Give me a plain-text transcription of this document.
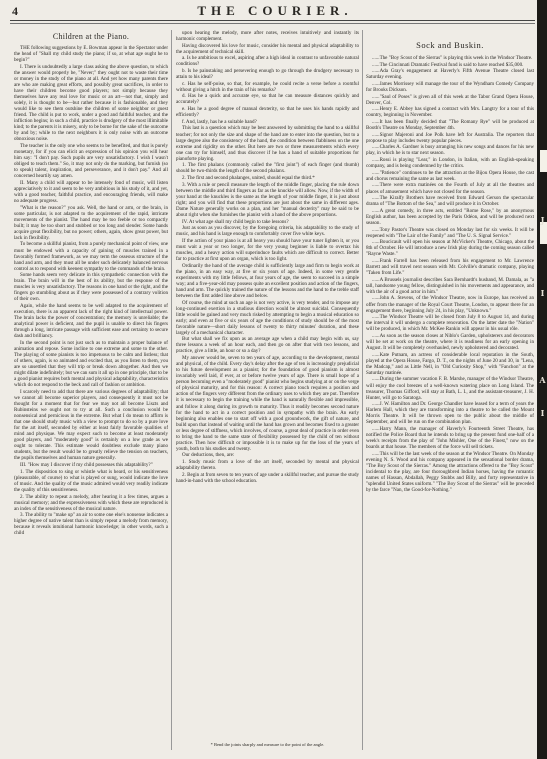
4	THE COURIER.
Children at the Piano.

THE following suggestions by E. Bowman appear in the Spectator under the head of "Shall my child study the piano; if so, at what age ought he to begin?"

I. There is undoubtedly a large class asking the above question, to which the answer would properly be, "Never;" they ought not to waste their time or money in the study of the piano at all. And yet how many parents there are who are making great efforts, and possibly great sacrifices, in order to have their children become good players; not simply because they themselves have any real love for music or an art—not that, simply and solely, it is thought to be—but rather because it is fashionable, and they would like to see them outshine the children of some neighbor or guest friend. The child is put to work, under a good and faithful teacher, and the infliction begins; in such a child, practice is drudgery of the most illimitable kind; to the parents it is misery, only to be borne for the sake of the outcome by and by; while to the next neighbors it is only noise with an outcome obnoxious noise.

The teacher is the only one who seems to be benefited, and that is purely monetary, for if you can elicit an expression of his opinion you will hear him say: "I don't pay. Such pupils are very unsatisfactory. I wish I wasn't obliged to teach them." So, it may not only do the marking, but furnish (so to speak) talent, inspiration, and perseverance, and it don't pay." And all concerned heartily say amen.

II. Many a child will appear to be intensely fond of music, will listen appreciatively to it and seem to be very ambitious in his study of it, and yet, with a good teacher, faithful practice, and encouraging friends, will make no adequate progress.

"What is the reason?" you ask. Well, the hand or arm, or the brain, in some particular, is not adapted to the acquirement of the rapid, intricate movements of the pianist. The hand may be too feeble or too compactly built; it may be too short and stubbed or too long and slender. Some hands acquire great flexibility, but no power; others, again, show great power, but lack in flexibility.

To become a skillful pianist, from a purely mechanical point of view, one must be endowed with a capacity of gaining of muscles trained in a favorably formed framework, as we may term the osseous structure of the hand and arm, and they must all be under such delicately balanced nervous control as to respond with keenest sympathy to the commands of the brain.

Some hands seem very delicate in this sympathetic connection with the brain. The brain will in the best of its ability, but the response of the muscles is very unsatisfactory. The reasons in one hand or the right, and the fingers go stumbling about as if they were possessed of a contrary volition of their own.

Again, while the hand seems to be well adapted to the acquirement of execution, there is an apparent lack of the right kind of intellectual power. The brain lacks the power of concentration; the memory is unreliable; the analytical power is deficient, and the pupil is unable to direct his fingers through a long, intricate passage with sufficient ease and certainty to secure dash and brilliancy.

In the second point is not just such as to maintain a proper balance of animation and repose. Some incline to one extreme and some to the other. The playing of some pianists is too impetuous to be calm and listless; that of others, again, is so animated and excited that, as you listen to them, you are so unsettled that they will trip or break down altogether. And then we might dilate indefinitely; but we can sum it all up in one principle, that to be a good pianist requires both mental and physical adaptability, characteristics which do not respond to the beck and call of fashion or ambition.

I scarcely need to add that there are various degrees of adaptability; that we cannot all become superior players, and consequently it must not be thought for a moment that for fear we may not all become Liszts and Rubinsteins we ought not to try at all. Such a conclusion would be nonsensical and pernicious in the extreme. But what I do mean to affirm is that one should study music with a view to prompt to do so by a pure love for the art itself, seconded by either at least fairly favorable qualities of mind and physique. We may expect such to become at least moderately good players, and "moderately good" is certainly on a low grade as we ought to tolerate. This estimate would doubtless exclude many piano students, but the result would be to greatly relieve the tension on teachers, the pupils themselves and human nature generally.

III. "How may I discover if my child possesses this adaptability?"

1. The disposition to sing or whistle what is heard, or his sensitiveness (pleasurable, of course) to what is played or sung, would indicate the love of music. And the quality of the music admired would very readily indicate the quality of this sensitiveness.

2. The ability to repeat a melody, after hearing it a few times, argues a musical memory; and the expressiveness with which these are reproduced is an index of the sensitiveness of the musical nature.

3. The ability to "make up" an air to some one else's nonsense indicates a higher degree of native talent than is simply repeat a melody from memory, because it reveals intuitional harmonic knowledge; in other words, such a child

upon hearing the melody, more after notes, receives intuitively and instantly its harmonic complement.

Having discovered his love for music, consider his mental and physical adaptability to the acquirement of technical skill.

a. Is he ambitious to excel, aspiring after a high ideal in contrast to unfavorable natural conditions?

b. Is he painstaking and persevering enough to go through the drudgery necessary to attain to his ideal?

c. Has he self-poise, so that, for example, he could recite a verse before a roomful without giving a hitch in the train of his remarks?

d. Has he a quick and accurate eye, so that he can measure distances quickly and accurately?

e. Has he a good degree of manual dexterity, so that he uses his hands rapidly and efficiently?

f. And, lastly, has he a suitable hand?

This last is a question which may be best answered by submitting the hand to a skillful teacher; for not only the size and shape of the hand are to enter into the question, but to a large degree also the consistency of the hand, the condition between flabbiness on the one extreme and rigidity on the other. But here are two or three measurements which every one can try for himself, and thus discover if he has a hand of suitable proportions for pianoforte playing.

1. The first phalanx (commonly called the "first joint") of each finger (and thumb) should be two-thirds the length of the second phalanx.

2. The first and second phalanges, united, should equal the third.*

3. With a rule or pencil measure the length of the middle finger, placing the rule down between the middle and third fingers as far as the knuckle will allow. Now, if the width of your hand at the knuckles is the same as the length of your middle finger, it is just about right; and you will find that these proportions are just about the same in different ages. Dame Nature generally works on a plan, and her "manual dexterity" may be said to be about right when she furnishes the pianist with a hand of the above proportions.

IV. At what age shall my child begin to take lessons?

Just as soon as you discover, by the foregoing criteria, his adaptability to the study of music, and his hand is large enough to comfortably cover five white keys.

If the action of your piano is at all heavy you should have your tuner lighten it, or you must wait a year or two longer, for the very young beginner is liable to overtax his muscles, and a heavy action will superinduce faults which are difficult to correct. Better far to practice at first upon an organ, which is too light.

Ordinarily the hand of the average child is sufficiently large and firm to begin work at the piano, in an easy way, at five or six years of age. Indeed, in some very gentle experiments with my little fellows, at four years of age, the seem to succeed in a simple way; and a five-year-old may possess quite an excellent position and action of the fingers, hand and arm. The quickly trained the nature of the lessons and the hand to the treble staff between the first added line above and below.

Of course, the mind at such an age is not very active, is very tender, and to impose any long-continued exertion in a studious direction would be almost suicidal. Consequently little would be gained and very much risked by attempting to begin a musical education so early; and even at five or six years of age the conditions of study should be of the most favorable nature—short daily lessons of twenty to thirty minutes' duration, and these largely of a mechanical character.

But what shall we fix upon as an average age when a child may begin with us, say three lessons a week of an hour each, and then go on after that with two lessons, and practice, give a little, an hour or so a day?

My answer would be, seven to ten years of age, according to the development, mental and physical, of the child. Every day's delay after the age of ten is increasingly prejudicial to his future development as a pianist; for the foundation of good pianism is almost invariably well laid, if ever, at or before twelve years of age. There is small hope of a person becoming even a "moderately good" pianist who begins studying at or on the verge of physical maturity, and for this reason: A correct piano touch requires a position and action of the fingers very different from the ordinary uses to which they are put. Therefore it is necessary to begin the training while the hand is naturally flexible and impressible, and follow it along during its growth to maturity. Thus it readily becomes second nature for the hand to act in a correct position and in sympathy with the brain. An early beginning also enables one to start off with a good groundwork, the gift of nature, and build upon that instead of waiting until the hand has grown and becomes fixed to a greater or less degree of stiffness, which involves, of course, a great deal of practice in order even to bring the hand to the same state of flexibility possessed by the child of ten without practice. Then how difficult or impossible it is to make up for the loss of the years of youth, both to his studies and twenty.

Our deductions, then, are:

1. Study music from a love of the art itself, seconded by mental and physical adaptability thereto.

2. Begin at from seven to ten years of age under a skillful teacher, and pursue the study hand-in-hand with the school education.

* Bend the joints sharply and measure to the point of the angle.
Sock and Buskin.

......The "Boy Scout of the Sierras" is playing this week in the Windsor Theatre.

......The Cincinnati Dramatic Festival fund is said to have reached $35,000.

......Ada Gray's engagement at Haverly's Fifth Avenue Theatre closed last Saturday evening.

......James Morrissey will manage the tour of the Wyndham Comedy Company for Brooks Dickson.

......"Saul of Poses" is given all of this week at the Tabor Grand Opera House, Denver, Col.

......Henry E. Abbey has signed a contract with Mrs. Langtry for a tour of this country, beginning in November.

......It has been finally decided that "The Romany Rye" will be produced at Booth's Theatre on Monday, September 4th.

......Signor Majeroni and Joe Polk have left for Australia. The reporters that propose to play includes twenty popular pieces.

......Charles A. Gardner is busy arranging his new songs and dances for his new play, in which he is to star next season.

......Rossi is playing "Lear," in London, in Italian, with an English-speaking company, and is being condemned by the critics.

......"Patience" continues to be the attraction at the Bijou Opera House, the cast and chorus remaining the same as last week.

......There were extra matinées on the Fourth of July at all the theatres and places of amusement which have not closed for the season.

......The Kiralfy Brothers have received from Edward Gerson the spectacular drama of "The Bottom of the Sea," and will produce it in October.

......A great comedy, in three acts, entitled "Rome Rose," by an anonymous English author, has been accepted by the Paris Odéon, and will be produced next season.

......Tony Pastor's Theatre was closed on Monday last for six weeks. It will be reopened with "The Lair of the Family" and "The U. S. Signal Service."

......Boucicault will open his season at McVicker's Theatre, Chicago, about the 8th of October. He will introduce a new Irish play during the coming season called "Rayne Waste."

......Frank Farrell has been released from his engagement to Mr. Lawrence Barrett and will travel next season with Mr. Colville's dramatic company, playing "Taken from Life."

......A Brussels journalist describes Sara Bernhardt's husband, M. Damala, as "a tall, handsome young fellow, distinguished in his movements and appearance, and with the air of a good actor in him."

......John A. Stevens, of the Windsor Theatre, now in Europe, has received an offer from the manager of the Royal Court Theatre, London, to appear there for an engagement there, beginning July 24, in his play, "Unknown."

......The Windsor Theatre will be closed from July 8 to August 14, and during the interval it will undergo a complete renovation. On the latter date the "Nation" will be produced, in which Mr. McKee Rankin will appear in his usual rôle.

......As soon as the season closes at Niblo's Garden, upholsterers and decorators will be set at work on the theatre, where it is readiness for an early opening in August. It will be completely overhauled, newly upholstered and decorated.

......Kate Putnam, an actress of considerable local reputation in the South, played at the Opera House, Fargo, D. T., on the nights of June 20 and 30, in "Lena, the Madcap," and as Little Nell, in "Old Curiosity Shop," with "Fanchon" at the Saturday matinée.

......During the summer vacation F. B. Marshe, manager of the Windsor Theatre, will enjoy the cool breezes of a well-known watering place on Long Island. The treasurer, Thomas Gifford, will stay at Bath, L. I., and the assistant-treasurer, J. H. Hunter, will go to Saratoga.

......J. W. Hamilton and Dr. George Chandler have leased for a term of years the Harlem Hall, which they are transforming into a theatre to be called the Mount Morris Theatre. It will be thrown open to the public about the middle of September, and will be run on the combination plan.

......Harry Mann, the manager of Haverly's Fourteenth Street Theatre, has notified the Police Board that he intends to bring up the present fund one-half of a week's receipts from the play of "John Mishler, One of the Finest," now on the boards at that house. The members of the force will sell tickets.

......This will be the last week of the season at the Windsor Theatre. On Monday evening N. S. Wood and his company appeared in the sensational border drama, "The Boy Scout of the Sierras." Among the attractions offered to the "Boy Scout" incidental to the play, are four thoroughbred Indian horses, having the romantic names of Hassan, Abdallah, Peggy Stubbs and Billy, and forty representative in "splendid United States uniform." "The Boy Scout of the Sierras" will be preceded by the farce "Nan, the Good-for-Nothing."

J
I
A
I
